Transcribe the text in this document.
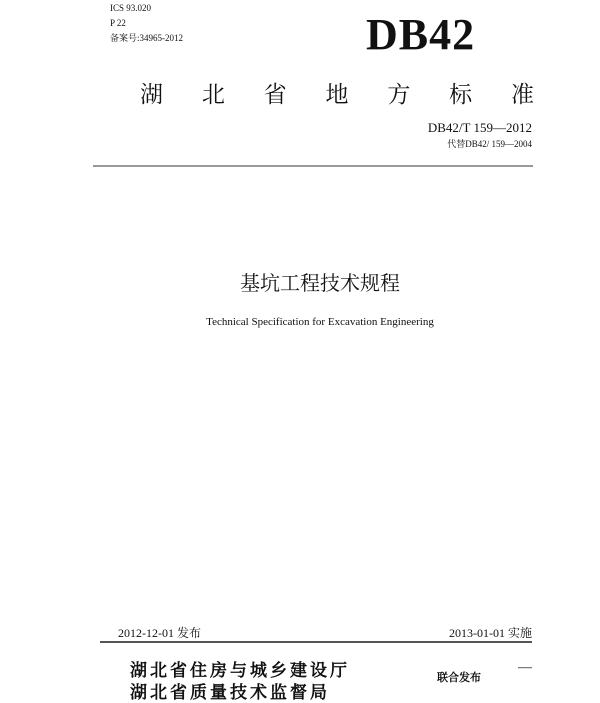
ICS 93.020
P 22
备案号:34965-2012	DB42
湖 北 省 地 方 标 准
DB42/T 159—2012
代替DB42/ 159—2004
基坑工程技术规程
Technical Specification for Excavation Engineering
2012-12-01 发布	2013-01-01 实施
湖北省住房与城乡建设厅
湖北省质量技术监督局
联合发布
—
